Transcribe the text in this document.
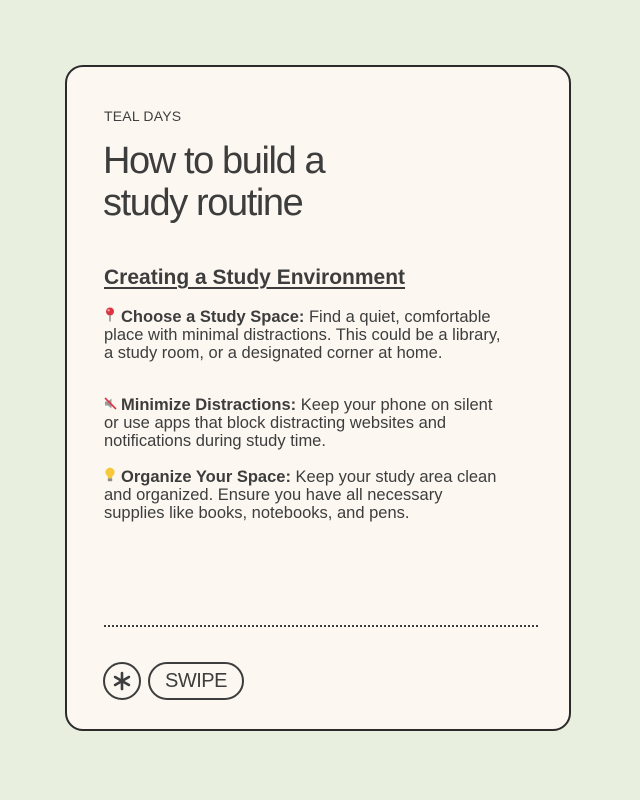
TEAL DAYS
How to build a
study routine
Creating a Study Environment

Choose a Study Space: Find a quiet, comfortable place with minimal distractions. This could be a library, a study room, or a designated corner at home.

Minimize Distractions: Keep your phone on silent or use apps that block distracting websites and notifications during study time.

Organize Your Space: Keep your study area clean and organized. Ensure you have all necessary supplies like books, notebooks, and pens.

SWIPE
